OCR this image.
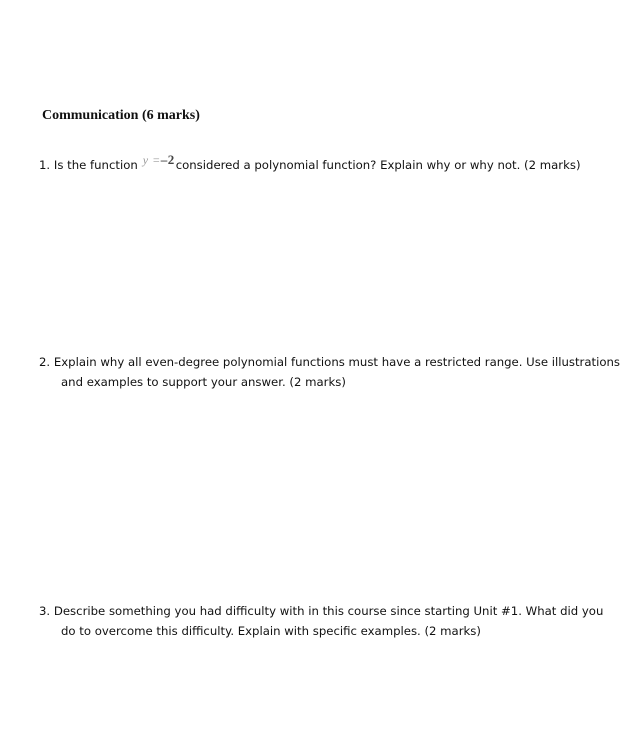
Communication (6 marks)
1. Is the function y =–2considered a polynomial function? Explain why or why not. (2 marks)
2. Explain why all even-degree polynomial functions must have a restricted range. Use illustrations
and examples to support your answer. (2 marks)
3. Describe something you had difficulty with in this course since starting Unit #1. What did you
do to overcome this difficulty. Explain with specific examples. (2 marks)
